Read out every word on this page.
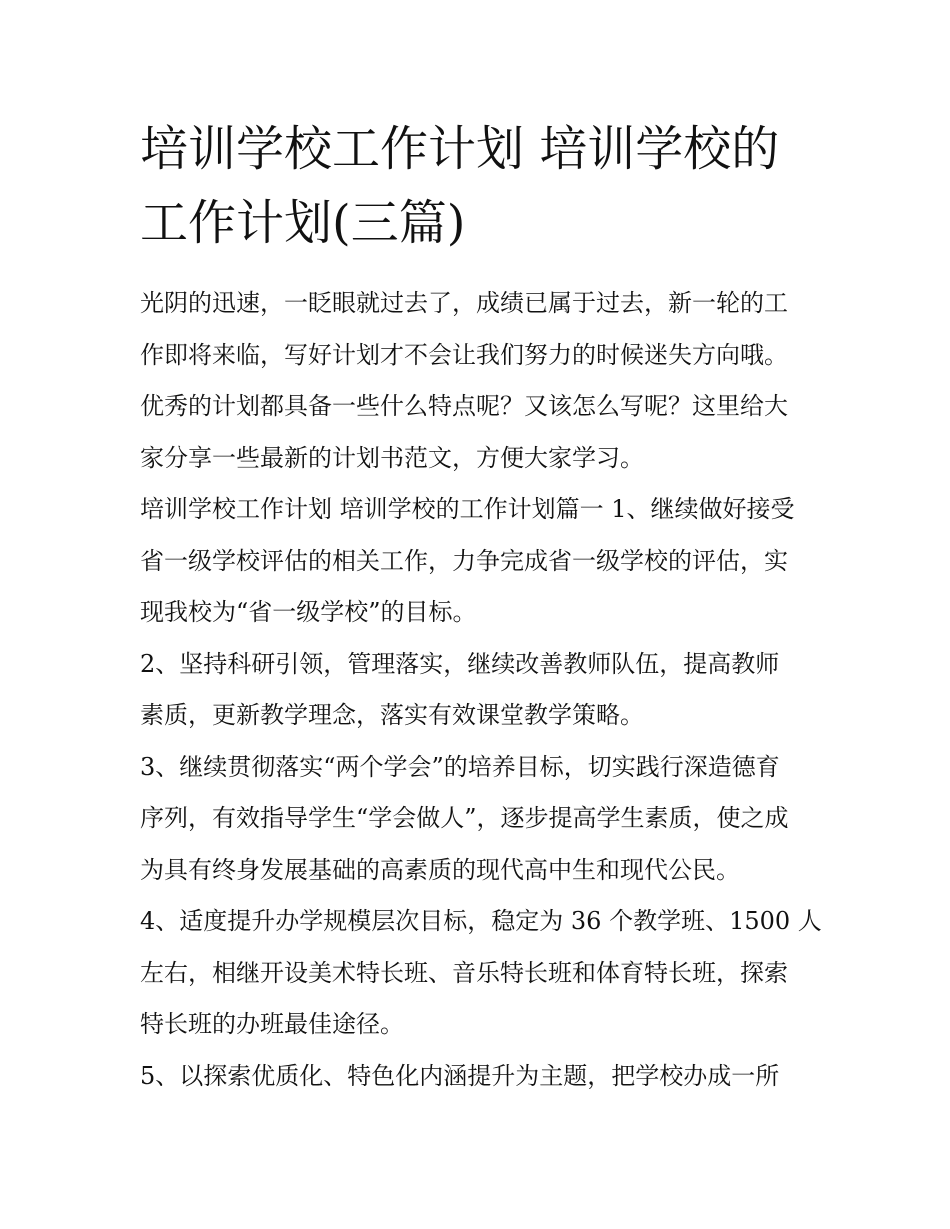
培训学校工作计划 培训学校的
工作计划(三篇)

光阴的迅速，一眨眼就过去了，成绩已属于过去，新一轮的工
作即将来临，写好计划才不会让我们努力的时候迷失方向哦。
优秀的计划都具备一些什么特点呢？又该怎么写呢？这里给大
家分享一些最新的计划书范文，方便大家学习。

培训学校工作计划 培训学校的工作计划篇一 1、继续做好接受
省一级学校评估的相关工作，力争完成省一级学校的评估，实
现我校为“省一级学校”的目标。

2、坚持科研引领，管理落实，继续改善教师队伍，提高教师
素质，更新教学理念，落实有效课堂教学策略。

3、继续贯彻落实“两个学会”的培养目标，切实践行深造德育
序列，有效指导学生“学会做人”，逐步提高学生素质，使之成
为具有终身发展基础的高素质的现代高中生和现代公民。

4、适度提升办学规模层次目标，稳定为 36 个教学班、1500 人
左右，相继开设美术特长班、音乐特长班和体育特长班，探索
特长班的办班最佳途径。

5、以探索优质化、特色化内涵提升为主题，把学校办成一所
